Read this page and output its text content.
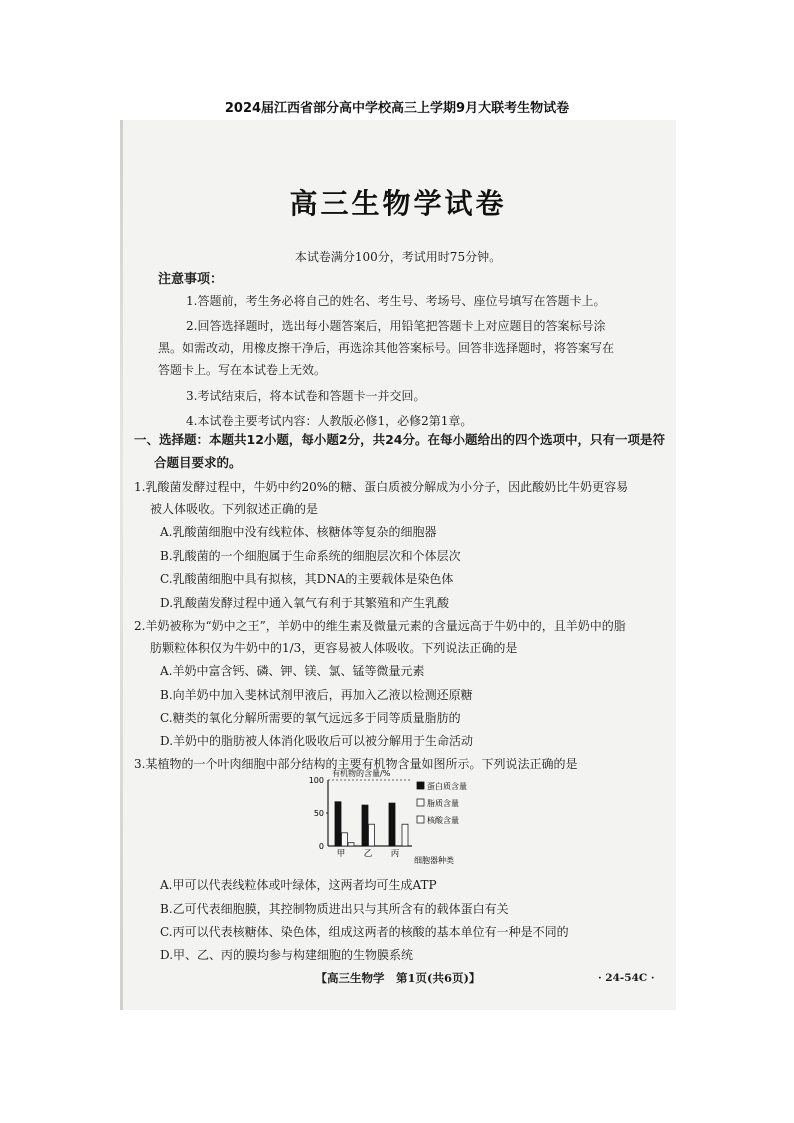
2024届江西省部分高中学校高三上学期9月大联考生物试卷
高三生物学试卷
本试卷满分100分，考试用时75分钟。
注意事项：
1.答题前，考生务必将自己的姓名、考生号、考场号、座位号填写在答题卡上。
2.回答选择题时，选出每小题答案后，用铅笔把答题卡上对应题目的答案标号涂
黑。如需改动，用橡皮擦干净后，再选涂其他答案标号。回答非选择题时，将答案写在
答题卡上。写在本试卷上无效。
3.考试结束后，将本试卷和答题卡一并交回。
4.本试卷主要考试内容：人教版必修1，必修2第1章。
一、选择题：本题共12小题，每小题2分，共24分。在每小题给出的四个选项中，只有一项是符
合题目要求的。
1.乳酸菌发酵过程中，牛奶中约20%的糖、蛋白质被分解成为小分子，因此酸奶比牛奶更容易
被人体吸收。下列叙述正确的是
A.乳酸菌细胞中没有线粒体、核糖体等复杂的细胞器
B.乳酸菌的一个细胞属于生命系统的细胞层次和个体层次
C.乳酸菌细胞中具有拟核，其DNA的主要载体是染色体
D.乳酸菌发酵过程中通入氧气有利于其繁殖和产生乳酸
2.羊奶被称为“奶中之王”，羊奶中的维生素及微量元素的含量远高于牛奶中的，且羊奶中的脂
肪颗粒体积仅为牛奶中的1/3，更容易被人体吸收。下列说法正确的是
A.羊奶中富含钙、磷、钾、镁、氯、锰等微量元素
B.向羊奶中加入斐林试剂甲液后，再加入乙液以检测还原糖
C.糖类的氧化分解所需要的氧气远远多于同等质量脂肪的
D.羊奶中的脂肪被人体消化吸收后可以被分解用于生命活动
3.某植物的一个叶肉细胞中部分结构的主要有机物含量如图所示。下列说法正确的是
有机物的含量/%
细胞器种类
0
50
100
甲 乙 丙
蛋白质含量
脂质含量
核酸含量
A.甲可以代表线粒体或叶绿体，这两者均可生成ATP
B.乙可代表细胞膜，其控制物质进出只与其所含有的载体蛋白有关
C.丙可以代表核糖体、染色体，组成这两者的核酸的基本单位有一种是不同的
D.甲、乙、丙的膜均参与构建细胞的生物膜系统
【高三生物学　第1页(共6页)】	· 24-54C ·
